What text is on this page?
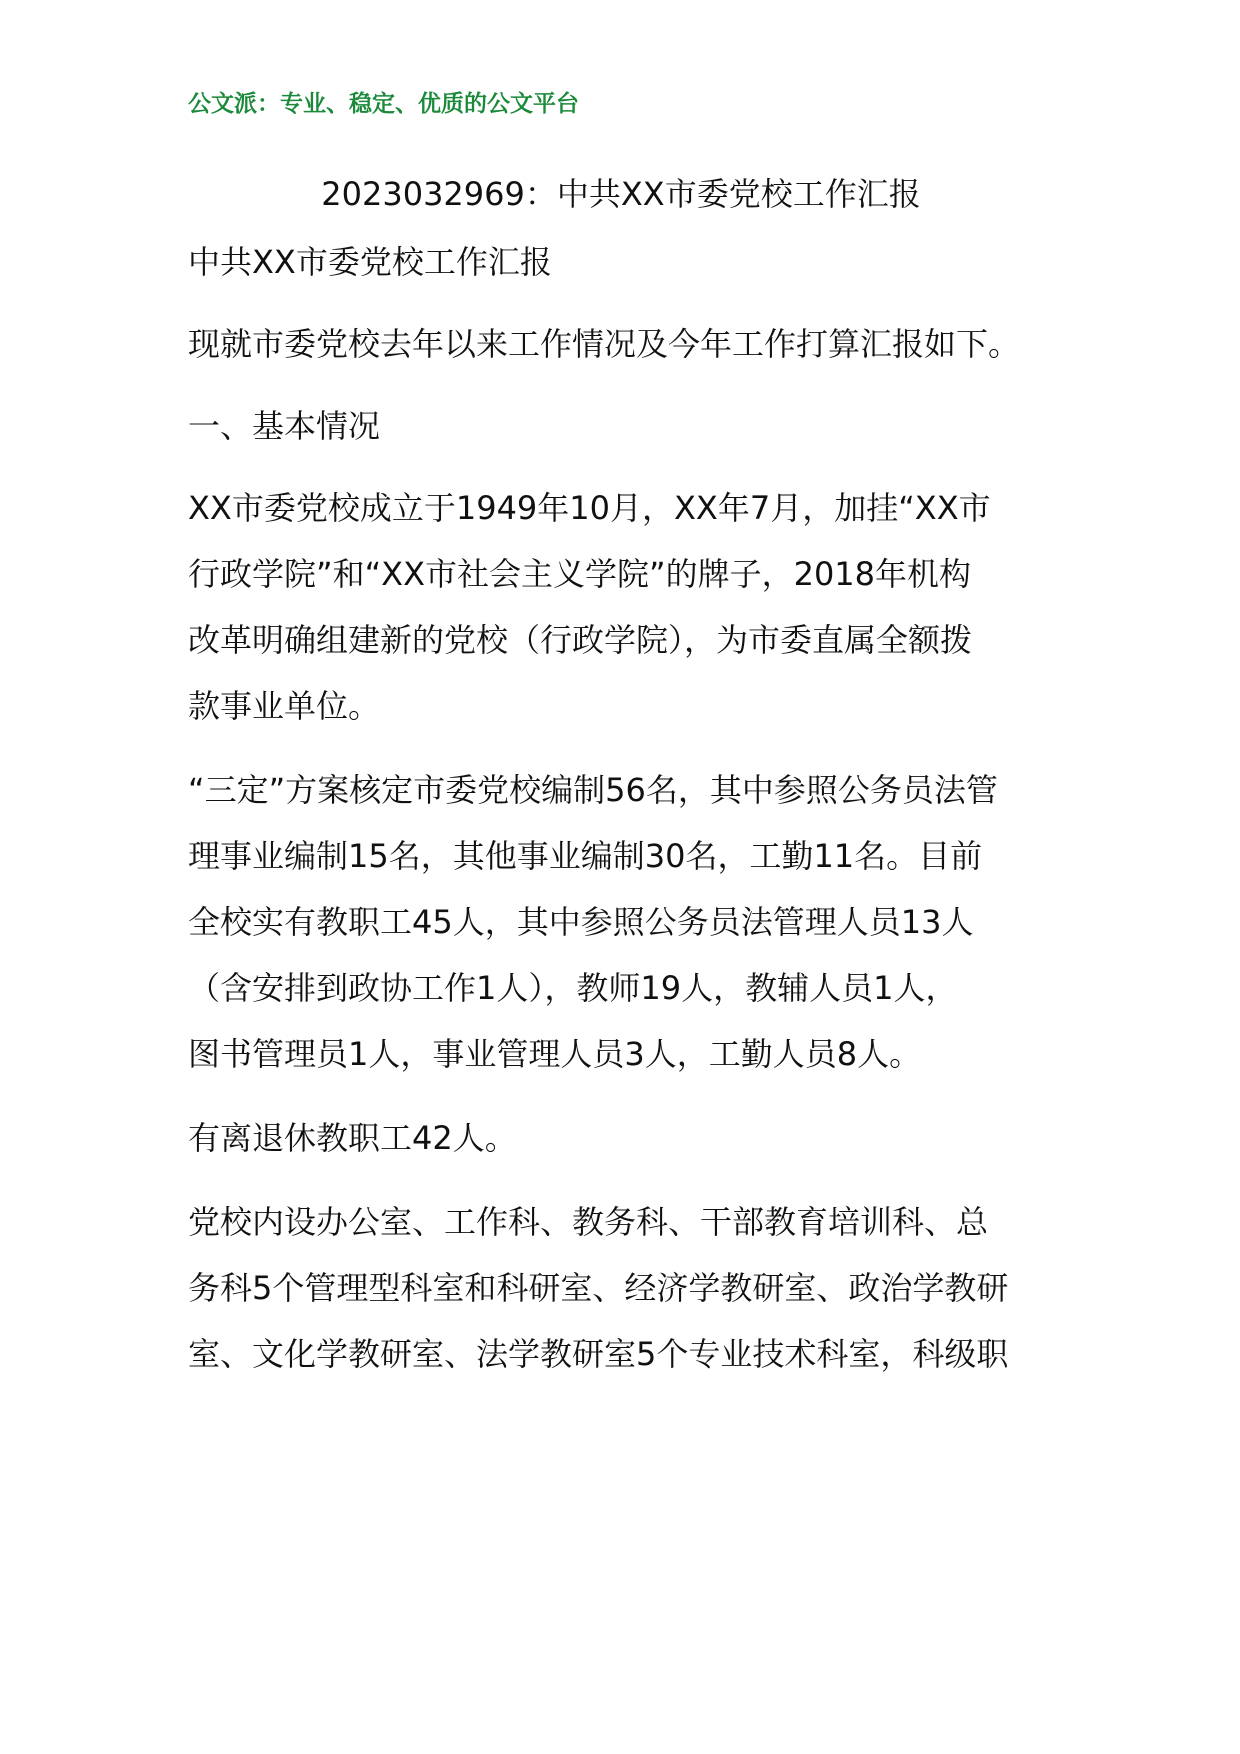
公文派：专业、稳定、优质的公文平台
2023032969：中共XX市委党校工作汇报
中共XX市委党校工作汇报
现就市委党校去年以来工作情况及今年工作打算汇报如下。
一、基本情况
XX市委党校成立于1949年10月，XX年7月，加挂“XX市
行政学院”和“XX市社会主义学院”的牌子，2018年机构
改革明确组建新的党校（行政学院），为市委直属全额拨
款事业单位。
“三定”方案核定市委党校编制56名，其中参照公务员法管
理事业编制15名，其他事业编制30名，工勤11名。目前
全校实有教职工45人，其中参照公务员法管理人员13人
（含安排到政协工作1人），教师19人，教辅人员1人，
图书管理员1人，事业管理人员3人，工勤人员8人。
有离退休教职工42人。
党校内设办公室、工作科、教务科、干部教育培训科、总
务科5个管理型科室和科研室、经济学教研室、政治学教研
室、文化学教研室、法学教研室5个专业技术科室，科级职
